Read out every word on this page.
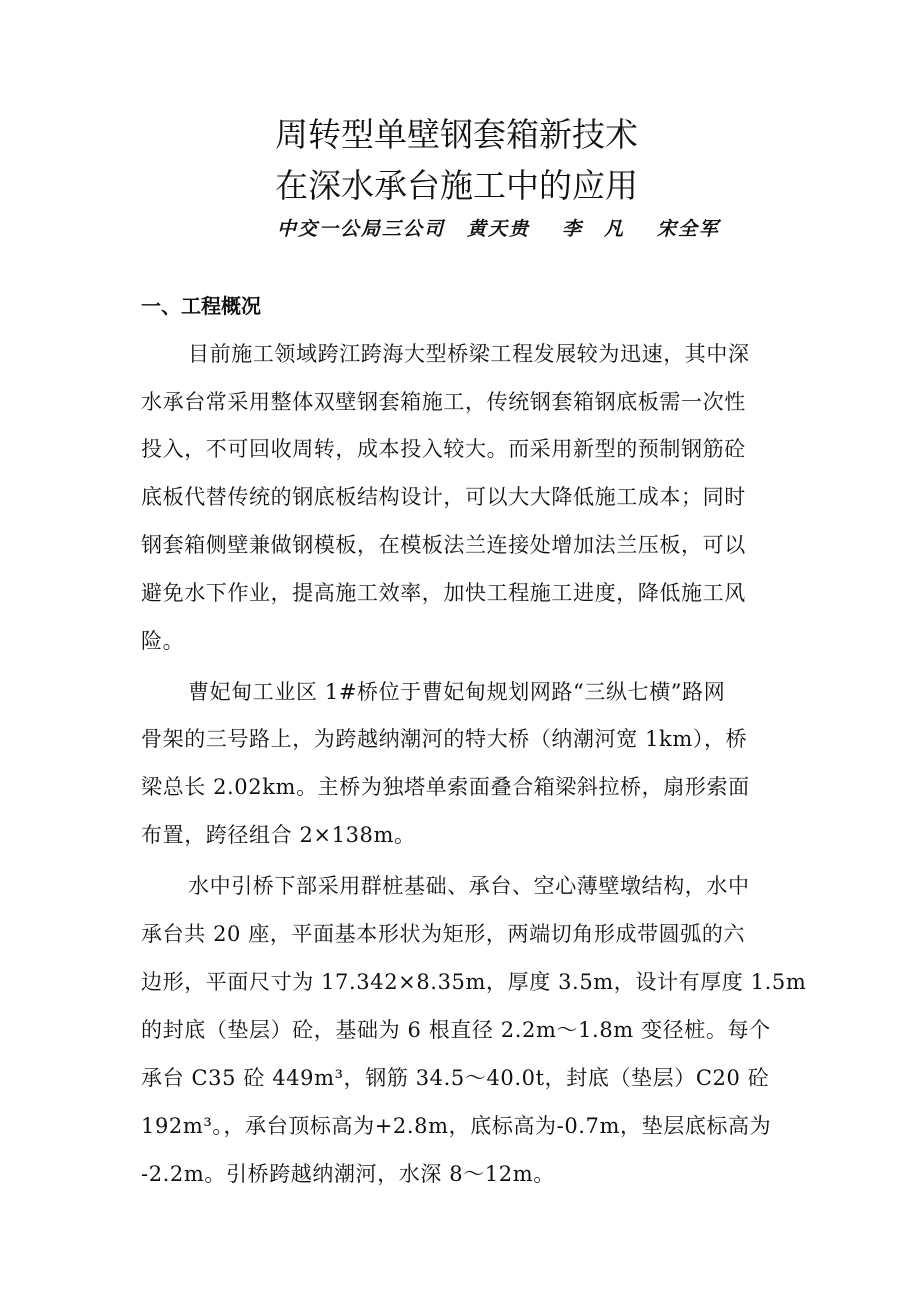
周转型单壁钢套箱新技术
在深水承台施工中的应用
中交一公局三公司 黄天贵 李　凡 宋全军
一、工程概况
目前施工领域跨江跨海大型桥梁工程发展较为迅速，其中深
水承台常采用整体双壁钢套箱施工，传统钢套箱钢底板需一次性
投入，不可回收周转，成本投入较大。而采用新型的预制钢筋砼
底板代替传统的钢底板结构设计，可以大大降低施工成本；同时
钢套箱侧壁兼做钢模板，在模板法兰连接处增加法兰压板，可以
避免水下作业，提高施工效率，加快工程施工进度，降低施工风
险。
曹妃甸工业区 1#桥位于曹妃甸规划网路“三纵七横”路网
骨架的三号路上，为跨越纳潮河的特大桥（纳潮河宽 1km），桥
梁总长 2.02km。主桥为独塔单索面叠合箱梁斜拉桥，扇形索面
布置，跨径组合 2×138m。
水中引桥下部采用群桩基础、承台、空心薄壁墩结构，水中
承台共 20 座，平面基本形状为矩形，两端切角形成带圆弧的六
边形，平面尺寸为 17.342×8.35m，厚度 3.5m，设计有厚度 1.5m
的封底（垫层）砼，基础为 6 根直径 2.2m～1.8m 变径桩。每个
承台 C35 砼 449m³，钢筋 34.5～40.0t，封底（垫层）C20 砼
192m³。，承台顶标高为+2.8m，底标高为-0.7m，垫层底标高为
-2.2m。引桥跨越纳潮河，水深 8～12m。
